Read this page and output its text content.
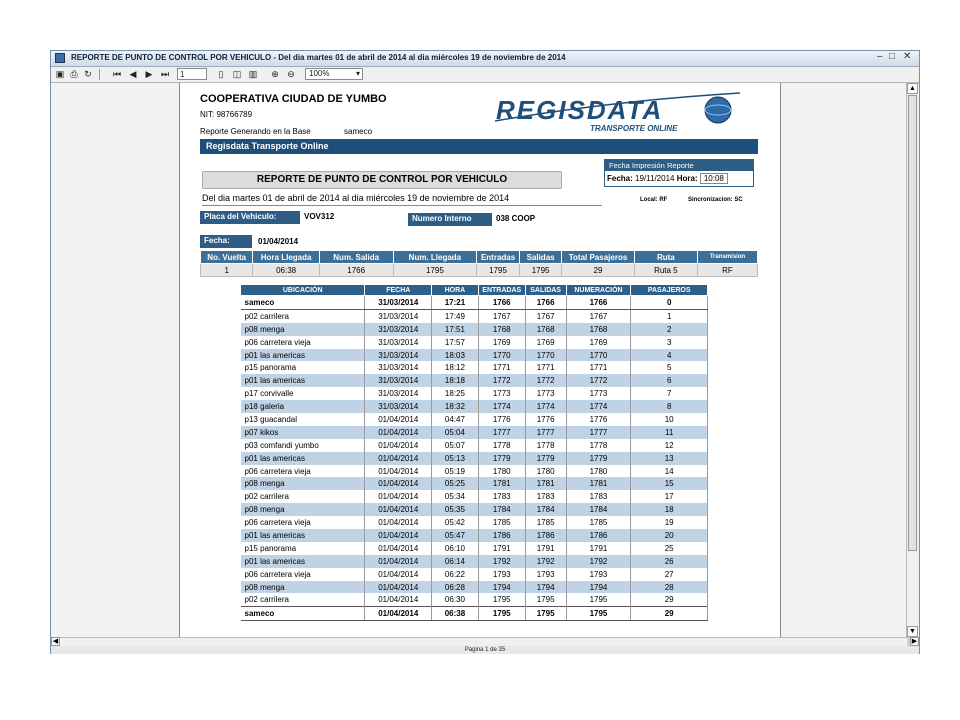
REPORTE DE PUNTO DE CONTROL POR VEHICULO - Del dia martes 01 de abril de 2014 al dia miércoles 19 de noviembre de 2014	– □ ✕
▣ ⎙ ↻ ⏮ ◀ ▶ ⏭
1	▯	◫ ▥ ⊕ ⊖	100%	▾
COOPERATIVA CIUDAD DE YUMBO
NIT: 98766789
Reporte Generando en la Base	sameco
REGISDATA
TRANSPORTE ONLINE
Regisdata Transporte Online
REPORTE DE PUNTO DE CONTROL POR VEHICULO
Del dia martes 01 de abril de 2014 al dia miércoles 19 de noviembre de 2014
Fecha Impresión Reporte
Fecha: 19/11/2014 Hora: 10:08
Local: RF	Sincronizacion: SC
Placa del Vehiculo:	VOV312	Numero Interno	038 COOP
Fecha:	01/04/2014
No. Vuelta	Hora Llegada	Num. Salida	Num. Llegada	Entradas	Salidas	Total Pasajeros	Ruta	Transmision
1	06:38	1766	1795	1795	1795	29	Ruta 5	RF
UBICACIÓN	FECHA	HORA	ENTRADAS	SALIDAS	NUMERACIÓN	PASAJEROS
sameco	31/03/2014	17:21	1766	1766	1766	0
p02 carrilera	31/03/2014	17:49	1767	1767	1767	1
p08 menga	31/03/2014	17:51	1768	1768	1768	2
p06 carretera vieja	31/03/2014	17:57	1769	1769	1769	3
p01 las americas	31/03/2014	18:03	1770	1770	1770	4
p15 panorama	31/03/2014	18:12	1771	1771	1771	5
p01 las americas	31/03/2014	18:18	1772	1772	1772	6
p17 corvivalle	31/03/2014	18:25	1773	1773	1773	7
p18 galeria	31/03/2014	18:32	1774	1774	1774	8
p13 guacandal	01/04/2014	04:47	1776	1776	1776	10
p07 kikos	01/04/2014	05:04	1777	1777	1777	11
p03 comfandi yumbo	01/04/2014	05:07	1778	1778	1778	12
p01 las americas	01/04/2014	05:13	1779	1779	1779	13
p06 carretera vieja	01/04/2014	05:19	1780	1780	1780	14
p08 menga	01/04/2014	05:25	1781	1781	1781	15
p02 carrilera	01/04/2014	05:34	1783	1783	1783	17
p08 menga	01/04/2014	05:35	1784	1784	1784	18
p06 carretera vieja	01/04/2014	05:42	1785	1785	1785	19
p01 las americas	01/04/2014	05:47	1786	1786	1786	20
p15 panorama	01/04/2014	06:10	1791	1791	1791	25
p01 las americas	01/04/2014	06:14	1792	1792	1792	26
p06 carretera vieja	01/04/2014	06:22	1793	1793	1793	27
p08 menga	01/04/2014	06:28	1794	1794	1794	28
p02 carrilera	01/04/2014	06:30	1795	1795	1795	29
sameco	01/04/2014	06:38	1795	1795	1795	29
▲
▼
◀	▶
Pagina 1 de 35
